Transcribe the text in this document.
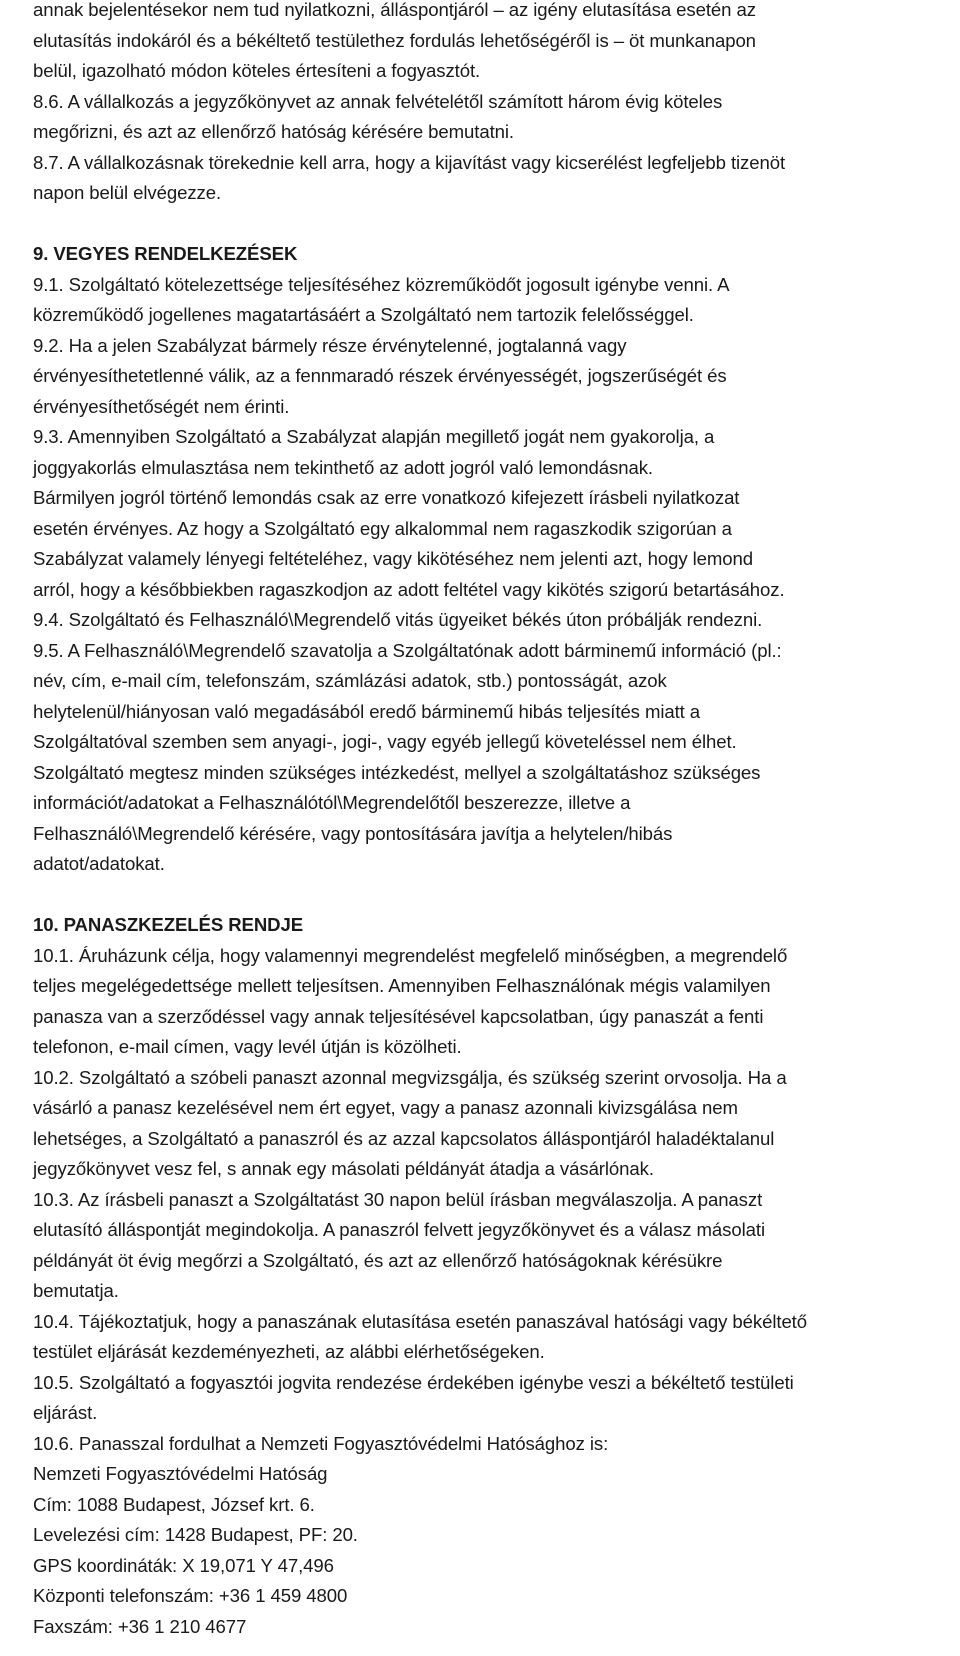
annak bejelentésekor nem tud nyilatkozni, álláspontjáról – az igény elutasítása esetén az
elutasítás indokáról és a békéltető testülethez fordulás lehetőségéről is – öt munkanapon
belül, igazolható módon köteles értesíteni a fogyasztót.
8.6. A vállalkozás a jegyzőkönyvet az annak felvételétől számított három évig köteles
megőrizni, és azt az ellenőrző hatóság kérésére bemutatni.
8.7. A vállalkozásnak törekednie kell arra, hogy a kijavítást vagy kicserélést legfeljebb tizenöt
napon belül elvégezze.
9. VEGYES RENDELKEZÉSEK
9.1. Szolgáltató kötelezettsége teljesítéséhez közreműködőt jogosult igénybe venni. A
közreműködő jogellenes magatartásáért a Szolgáltató nem tartozik felelősséggel.
9.2. Ha a jelen Szabályzat bármely része érvénytelenné, jogtalanná vagy
érvényesíthetetlenné válik, az a fennmaradó részek érvényességét, jogszerűségét és
érvényesíthetőségét nem érinti.
9.3. Amennyiben Szolgáltató a Szabályzat alapján megillető jogát nem gyakorolja, a
joggyakorlás elmulasztása nem tekinthető az adott jogról való lemondásnak.
Bármilyen jogról történő lemondás csak az erre vonatkozó kifejezett írásbeli nyilatkozat
esetén érvényes. Az hogy a Szolgáltató egy alkalommal nem ragaszkodik szigorúan a
Szabályzat valamely lényegi feltételéhez, vagy kikötéséhez nem jelenti azt, hogy lemond
arról, hogy a későbbiekben ragaszkodjon az adott feltétel vagy kikötés szigorú betartásához.
9.4. Szolgáltató és Felhasználó\Megrendelő vitás ügyeiket békés úton próbálják rendezni.
9.5. A Felhasználó\Megrendelő szavatolja a Szolgáltatónak adott bárminemű információ (pl.:
név, cím, e-mail cím, telefonszám, számlázási adatok, stb.) pontosságát, azok
helytelenül/hiányosan való megadásából eredő bárminemű hibás teljesítés miatt a
Szolgáltatóval szemben sem anyagi-, jogi-, vagy egyéb jellegű követeléssel nem élhet.
Szolgáltató megtesz minden szükséges intézkedést, mellyel a szolgáltatáshoz szükséges
információt/adatokat a Felhasználótól\Megrendelőtől beszerezze, illetve a
Felhasználó\Megrendelő kérésére, vagy pontosítására javítja a helytelen/hibás
adatot/adatokat.
10. PANASZKEZELÉS RENDJE
10.1. Áruházunk célja, hogy valamennyi megrendelést megfelelő minőségben, a megrendelő
teljes megelégedettsége mellett teljesítsen. Amennyiben Felhasználónak mégis valamilyen
panasza van a szerződéssel vagy annak teljesítésével kapcsolatban, úgy panaszát a fenti
telefonon, e-mail címen, vagy levél útján is közölheti.
10.2. Szolgáltató a szóbeli panaszt azonnal megvizsgálja, és szükség szerint orvosolja. Ha a
vásárló a panasz kezelésével nem ért egyet, vagy a panasz azonnali kivizsgálása nem
lehetséges, a Szolgáltató a panaszról és az azzal kapcsolatos álláspontjáról haladéktalanul
jegyzőkönyvet vesz fel, s annak egy másolati példányát átadja a vásárlónak.
10.3. Az írásbeli panaszt a Szolgáltatást 30 napon belül írásban megválaszolja. A panaszt
elutasító álláspontját megindokolja. A panaszról felvett jegyzőkönyvet és a válasz másolati
példányát öt évig megőrzi a Szolgáltató, és azt az ellenőrző hatóságoknak kérésükre
bemutatja.
10.4. Tájékoztatjuk, hogy a panaszának elutasítása esetén panaszával hatósági vagy békéltető
testület eljárását kezdeményezheti, az alábbi elérhetőségeken.
10.5. Szolgáltató a fogyasztói jogvita rendezése érdekében igénybe veszi a békéltető testületi
eljárást.
10.6. Panasszal fordulhat a Nemzeti Fogyasztóvédelmi Hatósághoz is:
Nemzeti Fogyasztóvédelmi Hatóság
Cím: 1088 Budapest, József krt. 6.
Levelezési cím: 1428 Budapest, PF: 20.
GPS koordináták: X 19,071 Y 47,496
Központi telefonszám: +36 1 459 4800
Faxszám: +36 1 210 4677
